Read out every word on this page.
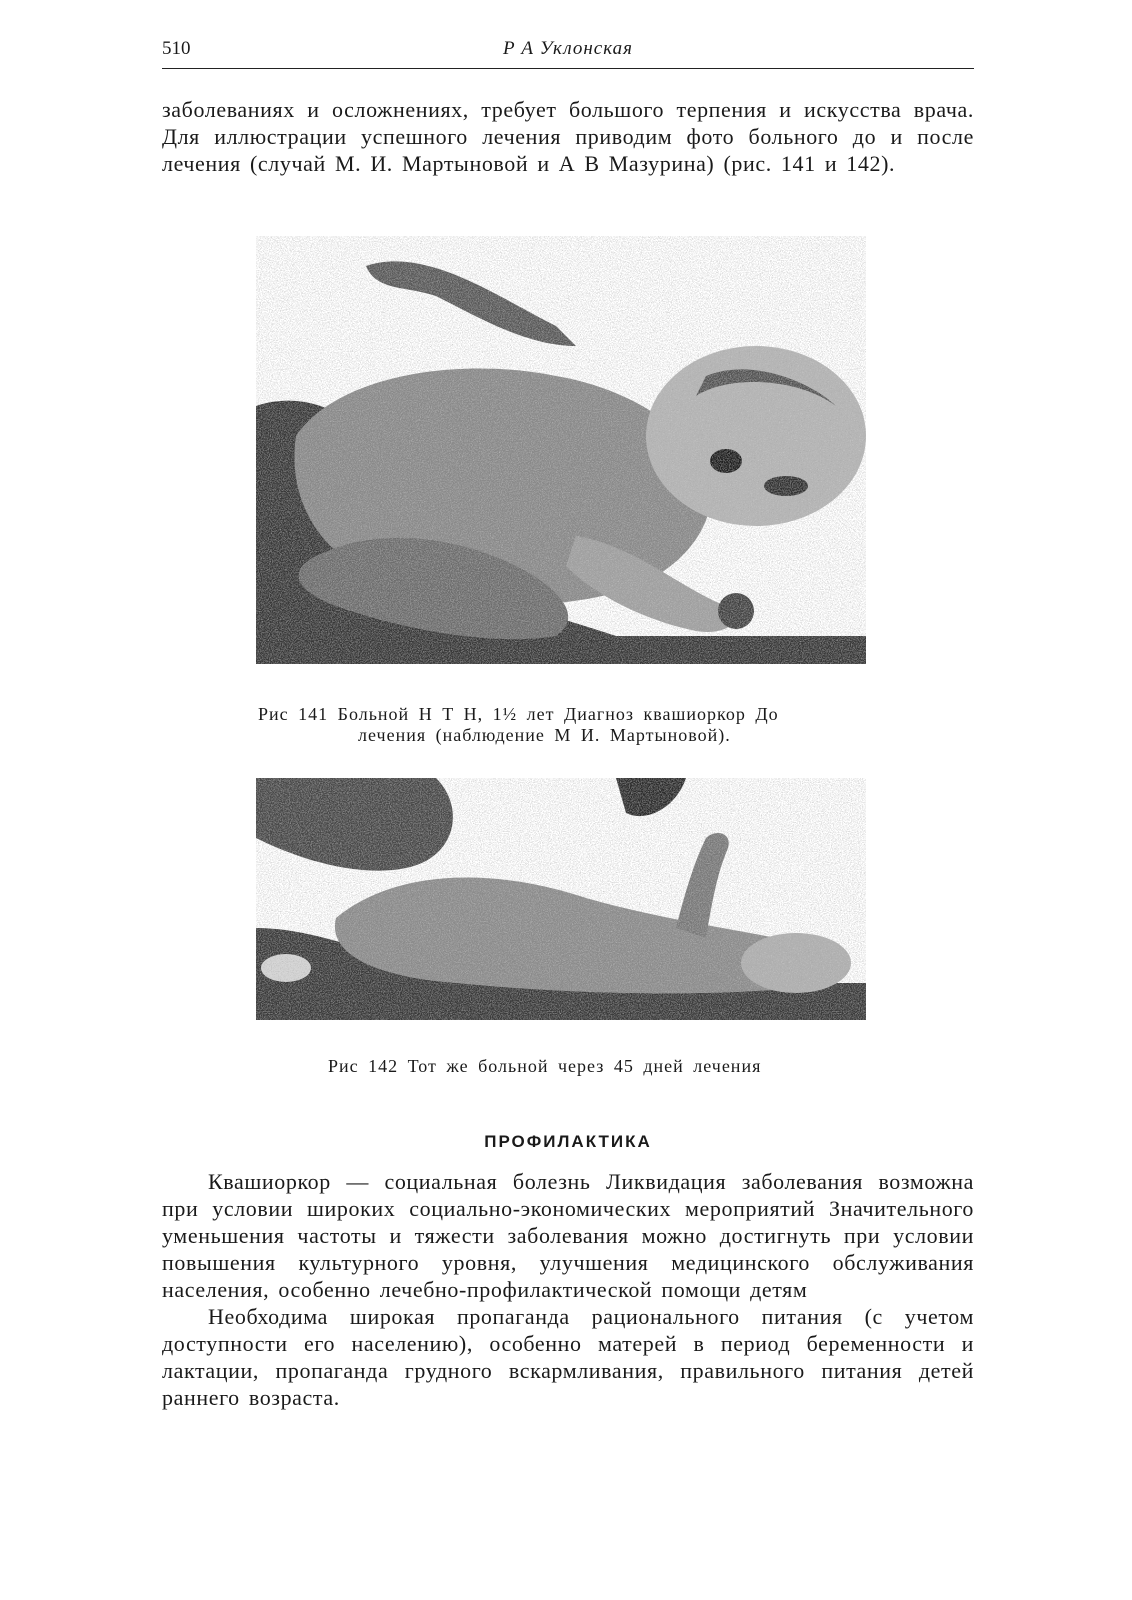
510	Р А Уклонская

заболеваниях и осложнениях, требует большого терпения и искусства врача. Для иллюстрации успешного лечения приводим фото больного до и после лечения (случай М. И. Мартыновой и А В Мазурина) (рис. 141 и 142).

Рис 141 Больной Н Т Н, 1½ лет Диагноз квашиоркор До
лечения (наблюдение М И. Мартыновой).
Рис 142 Тот же больной через 45 дней лечения
ПРОФИЛАКТИКА

Квашиоркор — социальная болезнь Ликвидация заболевания возможна при условии широких социально-экономических мероприятий Значительного уменьшения частоты и тяжести заболевания можно достигнуть при условии повышения культурного уровня, улучшения медицинского обслуживания населения, особенно лечебно-профилактической помощи детям

Необходима широкая пропаганда рационального питания (с учетом доступности его населению), особенно матерей в период беременности и лактации, пропаганда грудного вскармливания, правильного питания детей раннего возраста.
